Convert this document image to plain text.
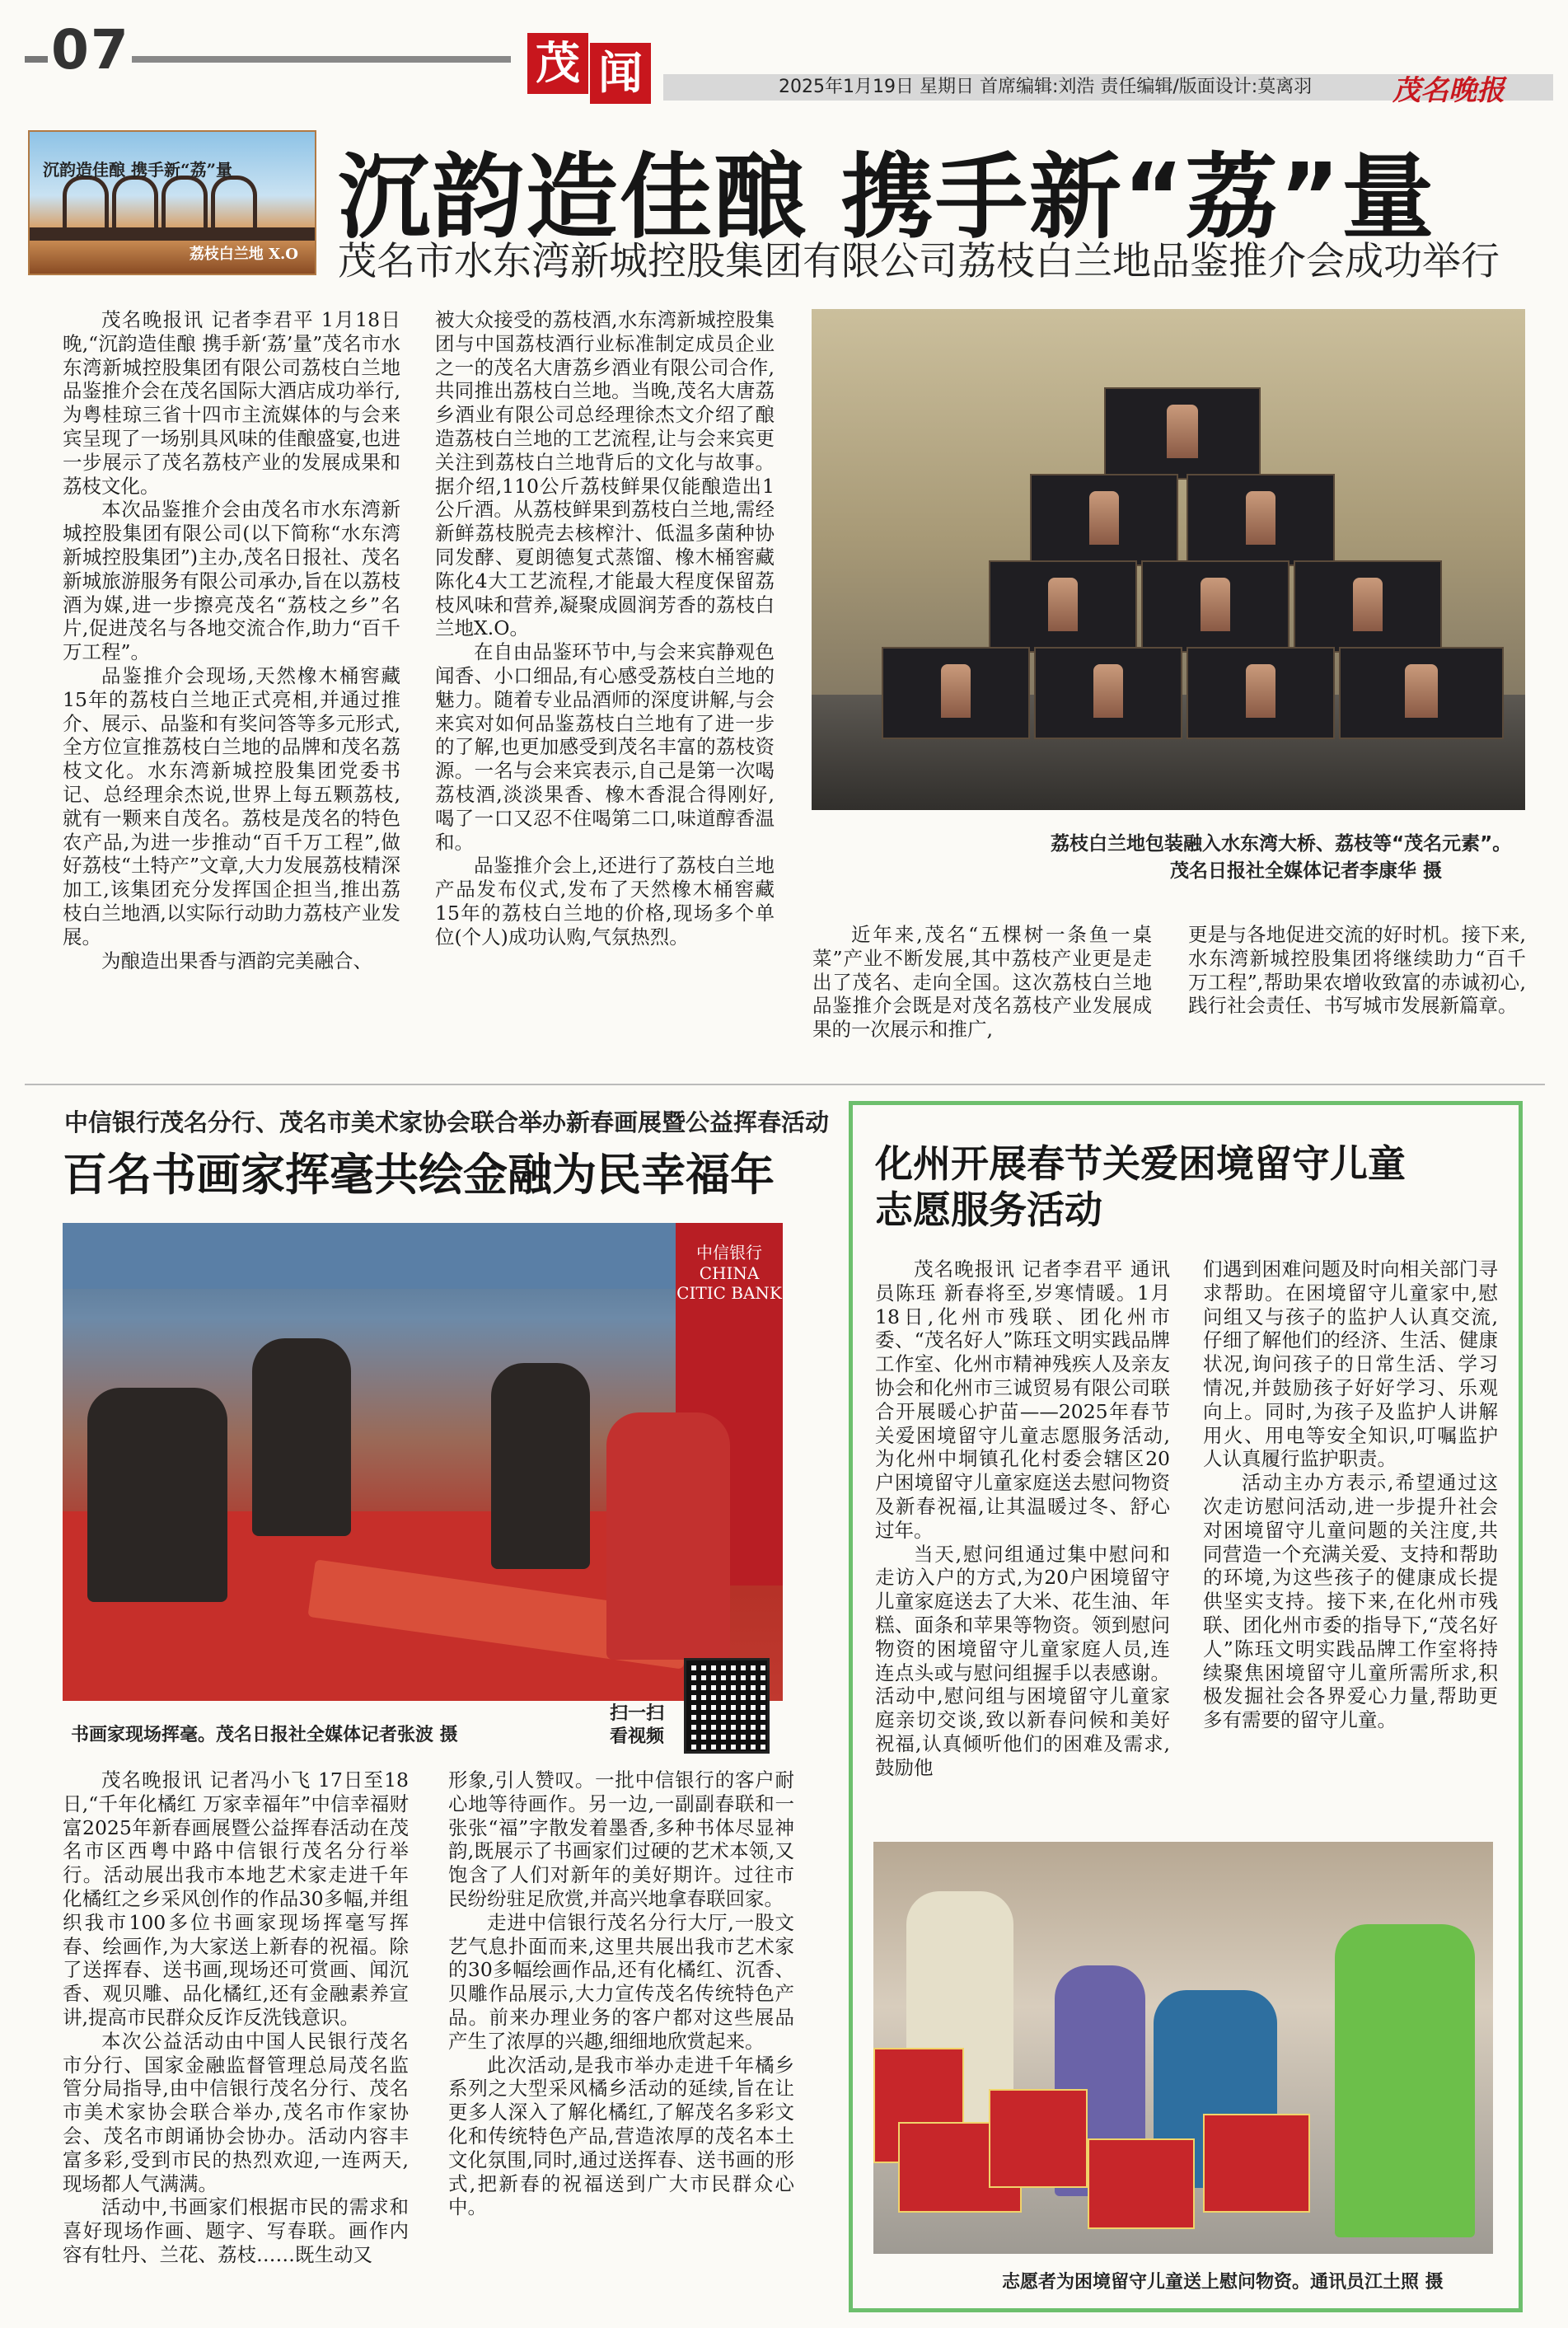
07	茂 闻	2025年1月19日 星期日 首席编辑:刘浩 责任编辑/版面设计:莫离羽	茂名晚报
沉韵造佳酿 携手新“荔”量
荔枝白兰地 X.O
沉韵造佳酿 携手新“荔”量
茂名市水东湾新城控股集团有限公司荔枝白兰地品鉴推介会成功举行

茂名晚报讯 记者李君平 1月18日晚,“沉韵造佳酿 携手新‘荔’量”茂名市水东湾新城控股集团有限公司荔枝白兰地品鉴推介会在茂名国际大酒店成功举行,为粤桂琼三省十四市主流媒体的与会来宾呈现了一场别具风味的佳酿盛宴,也进一步展示了茂名荔枝产业的发展成果和荔枝文化。

本次品鉴推介会由茂名市水东湾新城控股集团有限公司(以下简称“水东湾新城控股集团”)主办,茂名日报社、茂名新城旅游服务有限公司承办,旨在以荔枝酒为媒,进一步擦亮茂名“荔枝之乡”名片,促进茂名与各地交流合作,助力“百千万工程”。

品鉴推介会现场,天然橡木桶窖藏15年的荔枝白兰地正式亮相,并通过推介、展示、品鉴和有奖问答等多元形式,全方位宣推荔枝白兰地的品牌和茂名荔枝文化。水东湾新城控股集团党委书记、总经理余杰说,世界上每五颗荔枝,就有一颗来自茂名。荔枝是茂名的特色农产品,为进一步推动“百千万工程”,做好荔枝“土特产”文章,大力发展荔枝精深加工,该集团充分发挥国企担当,推出荔枝白兰地酒,以实际行动助力荔枝产业发展。

为酿造出果香与酒韵完美融合、

被大众接受的荔枝酒,水东湾新城控股集团与中国荔枝酒行业标准制定成员企业之一的茂名大唐荔乡酒业有限公司合作,共同推出荔枝白兰地。当晚,茂名大唐荔乡酒业有限公司总经理徐杰文介绍了酿造荔枝白兰地的工艺流程,让与会来宾更关注到荔枝白兰地背后的文化与故事。据介绍,110公斤荔枝鲜果仅能酿造出1公斤酒。从荔枝鲜果到荔枝白兰地,需经新鲜荔枝脱壳去核榨汁、低温多菌种协同发酵、夏朗德复式蒸馏、橡木桶窖藏陈化4大工艺流程,才能最大程度保留荔枝风味和营养,凝聚成圆润芳香的荔枝白兰地X.O。

在自由品鉴环节中,与会来宾静观色闻香、小口细品,有心感受荔枝白兰地的魅力。随着专业品酒师的深度讲解,与会来宾对如何品鉴荔枝白兰地有了进一步的了解,也更加感受到茂名丰富的荔枝资源。一名与会来宾表示,自己是第一次喝荔枝酒,淡淡果香、橡木香混合得刚好,喝了一口又忍不住喝第二口,味道醇香温和。

品鉴推介会上,还进行了荔枝白兰地产品发布仪式,发布了天然橡木桶窖藏15年的荔枝白兰地的价格,现场多个单位(个人)成功认购,气氛热烈。

荔枝白兰地包装融入水东湾大桥、荔枝等“茂名元素”。
茂名日报社全媒体记者李康华 摄

近年来,茂名“五棵树一条鱼一桌菜”产业不断发展,其中荔枝产业更是走出了茂名、走向全国。这次荔枝白兰地品鉴推介会既是对茂名荔枝产业发展成果的一次展示和推广,

更是与各地促进交流的好时机。接下来,水东湾新城控股集团将继续助力“百千万工程”,帮助果农增收致富的赤诚初心,践行社会责任、书写城市发展新篇章。

中信银行茂名分行、茂名市美术家协会联合举办新春画展暨公益挥春活动
百名书画家挥毫共绘金融为民幸福年
中信银行 CHINA CITIC BANK
书画家现场挥毫。茂名日报社全媒体记者张波 摄
扫一扫
看视频

茂名晚报讯 记者冯小飞 17日至18日,“千年化橘红 万家幸福年”中信幸福财富2025年新春画展暨公益挥春活动在茂名市区西粤中路中信银行茂名分行举行。活动展出我市本地艺术家走进千年化橘红之乡采风创作的作品30多幅,并组织我市100多位书画家现场挥毫写挥春、绘画作,为大家送上新春的祝福。除了送挥春、送书画,现场还可赏画、闻沉香、观贝雕、品化橘红,还有金融素养宣讲,提高市民群众反诈反洗钱意识。

本次公益活动由中国人民银行茂名市分行、国家金融监督管理总局茂名监管分局指导,由中信银行茂名分行、茂名市美术家协会联合举办,茂名市作家协会、茂名市朗诵协会协办。活动内容丰富多彩,受到市民的热烈欢迎,一连两天,现场都人气满满。

活动中,书画家们根据市民的需求和喜好现场作画、题字、写春联。画作内容有牡丹、兰花、荔枝……既生动又

形象,引人赞叹。一批中信银行的客户耐心地等待画作。另一边,一副副春联和一张张“福”字散发着墨香,多种书体尽显神韵,既展示了书画家们过硬的艺术本领,又饱含了人们对新年的美好期许。过往市民纷纷驻足欣赏,并高兴地拿春联回家。

走进中信银行茂名分行大厅,一股文艺气息扑面而来,这里共展出我市艺术家的30多幅绘画作品,还有化橘红、沉香、贝雕作品展示,大力宣传茂名传统特色产品。前来办理业务的客户都对这些展品产生了浓厚的兴趣,细细地欣赏起来。

此次活动,是我市举办走进千年橘乡系列之大型采风橘乡活动的延续,旨在让更多人深入了解化橘红,了解茂名多彩文化和传统特色产品,营造浓厚的茂名本土文化氛围,同时,通过送挥春、送书画的形式,把新春的祝福送到广大市民群众心中。

化州开展春节关爱困境留守儿童
志愿服务活动

茂名晚报讯 记者李君平 通讯员陈珏 新春将至,岁寒情暖。1月18日,化州市残联、团化州市委、“茂名好人”陈珏文明实践品牌工作室、化州市精神残疾人及亲友协会和化州市三诚贸易有限公司联合开展暖心护苗——2025年春节关爱困境留守儿童志愿服务活动,为化州中垌镇孔化村委会辖区20户困境留守儿童家庭送去慰问物资及新春祝福,让其温暖过冬、舒心过年。

当天,慰问组通过集中慰问和走访入户的方式,为20户困境留守儿童家庭送去了大米、花生油、年糕、面条和苹果等物资。领到慰问物资的困境留守儿童家庭人员,连连点头或与慰问组握手以表感谢。活动中,慰问组与困境留守儿童家庭亲切交谈,致以新春问候和美好祝福,认真倾听他们的困难及需求,鼓励他

们遇到困难问题及时向相关部门寻求帮助。在困境留守儿童家中,慰问组又与孩子的监护人认真交流,仔细了解他们的经济、生活、健康状况,询问孩子的日常生活、学习情况,并鼓励孩子好好学习、乐观向上。同时,为孩子及监护人讲解用火、用电等安全知识,叮嘱监护人认真履行监护职责。

活动主办方表示,希望通过这次走访慰问活动,进一步提升社会对困境留守儿童问题的关注度,共同营造一个充满关爱、支持和帮助的环境,为这些孩子的健康成长提供坚实支持。接下来,在化州市残联、团化州市委的指导下,“茂名好人”陈珏文明实践品牌工作室将持续聚焦困境留守儿童所需所求,积极发掘社会各界爱心力量,帮助更多有需要的留守儿童。

志愿者为困境留守儿童送上慰问物资。通讯员江土照 摄
